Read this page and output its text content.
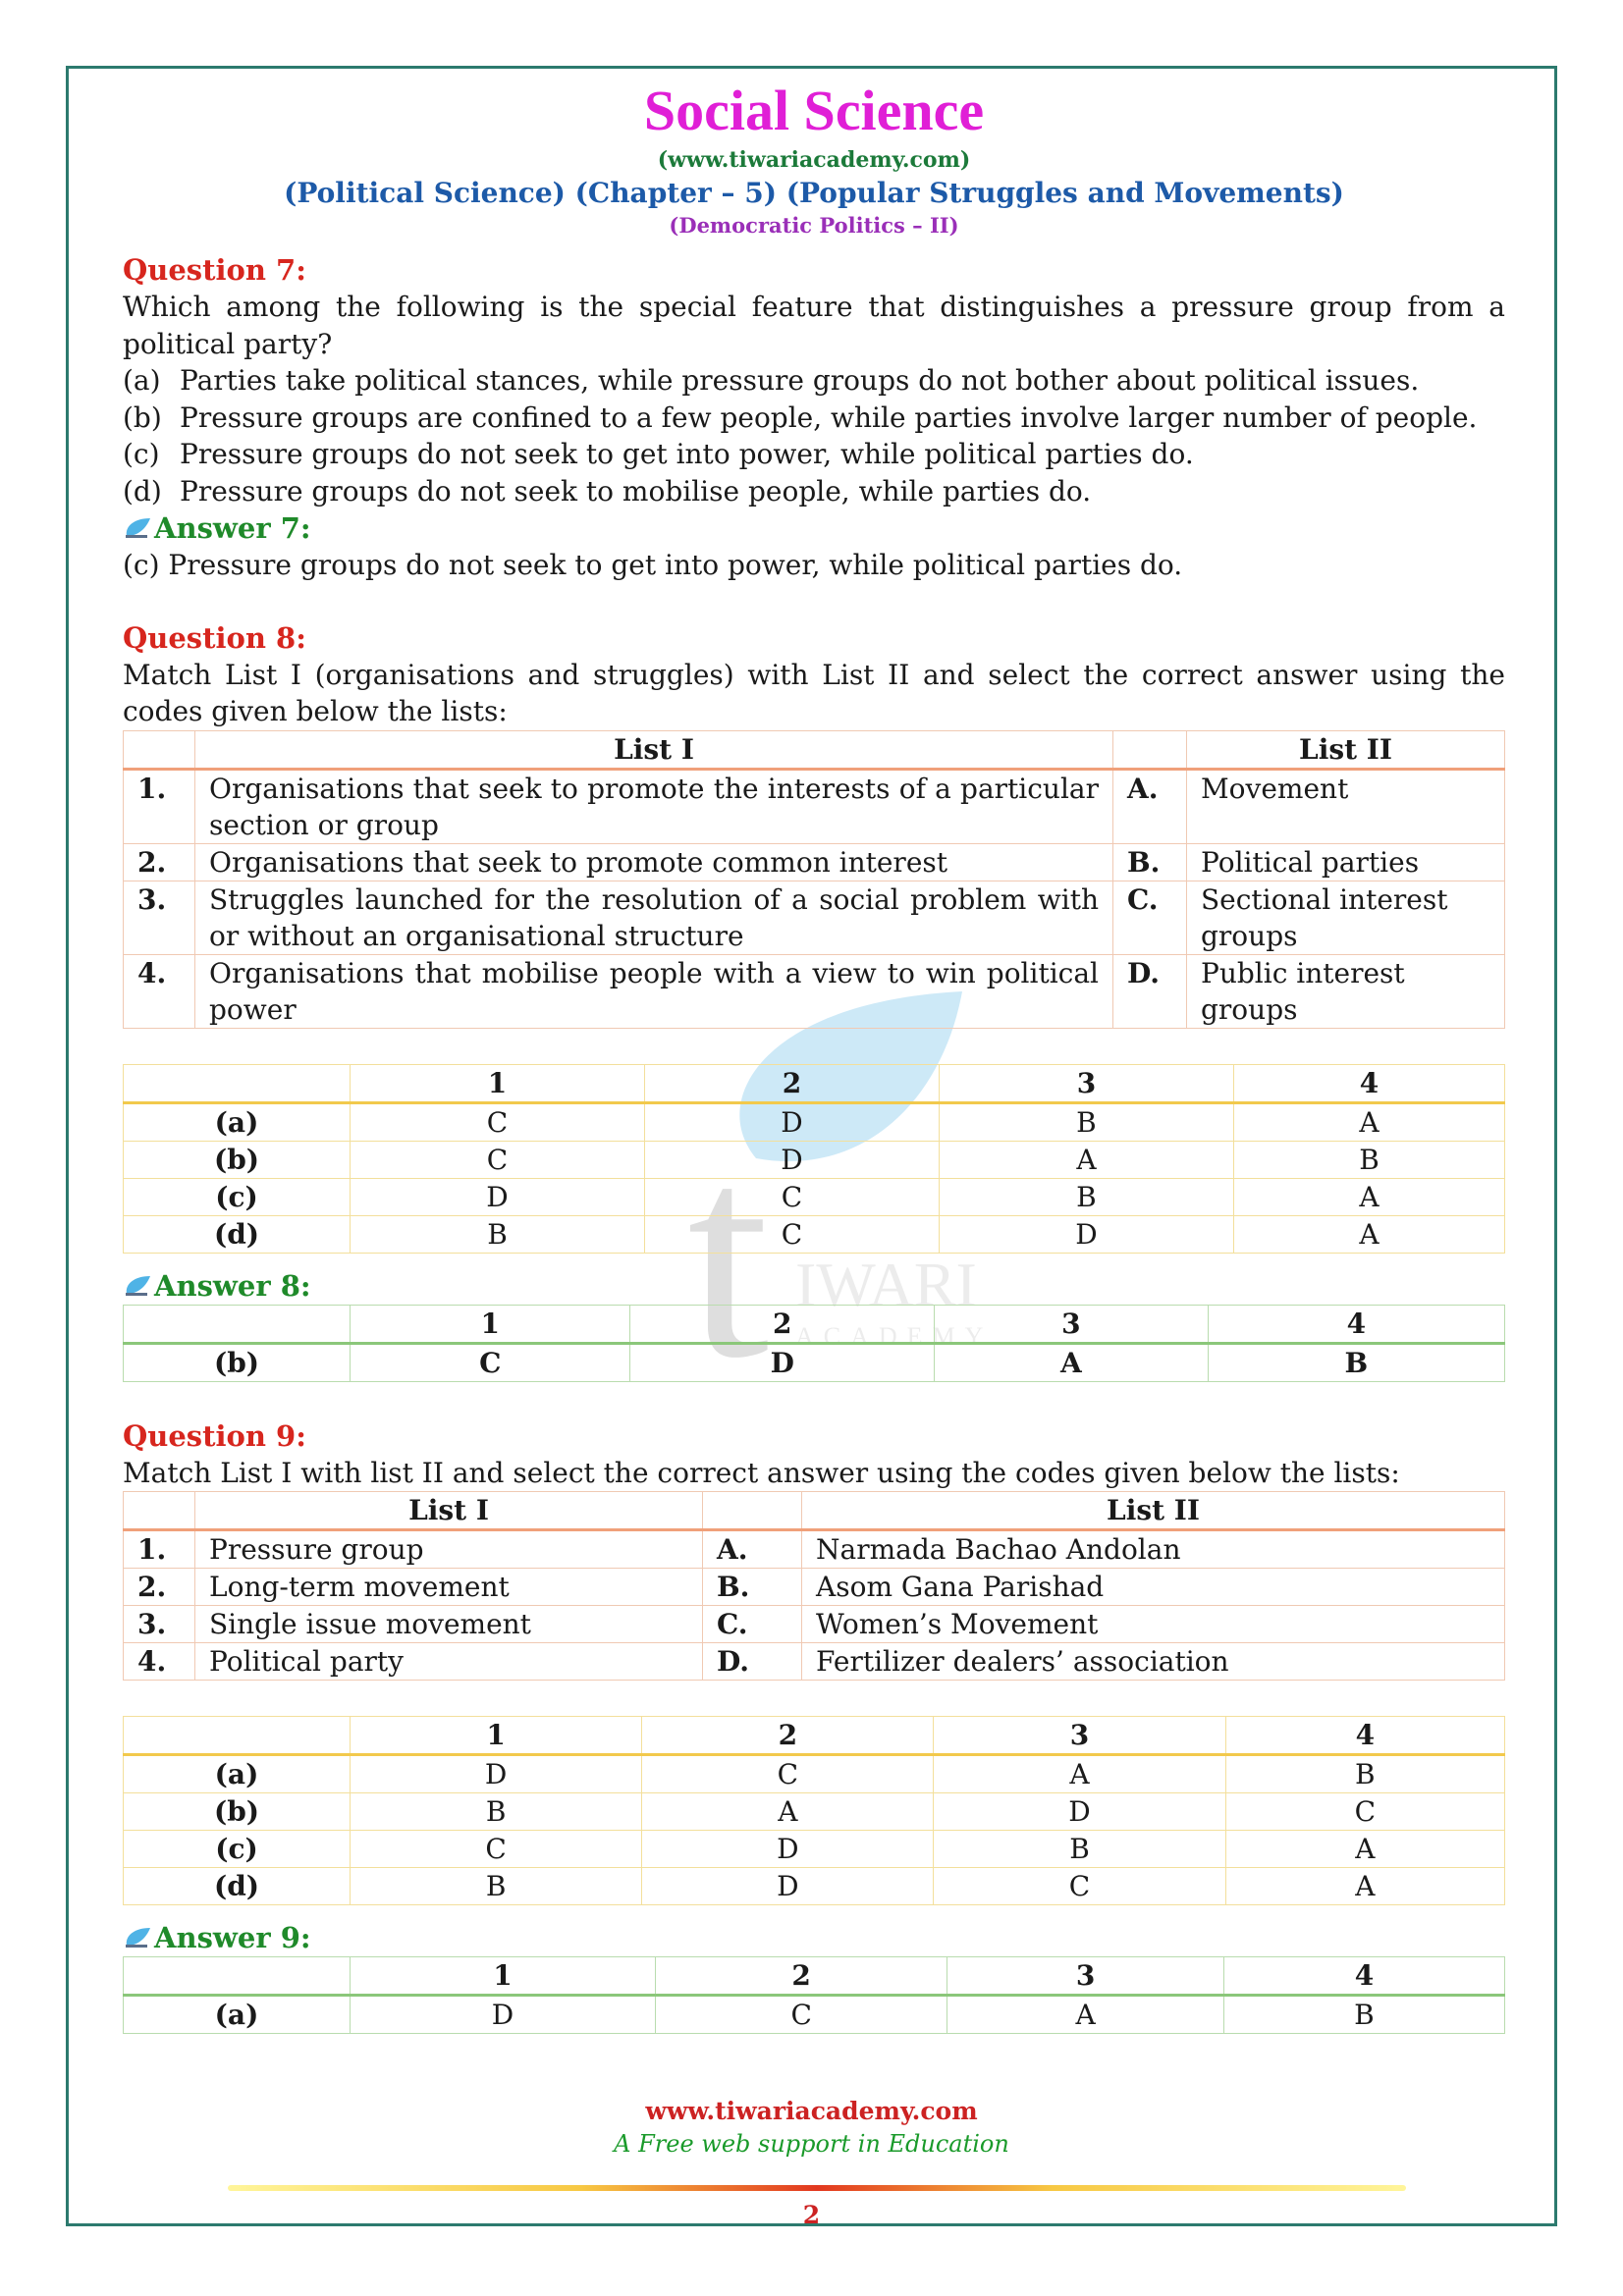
t IWARI
ACADEMY
Social Science
(www.tiwariacademy.com)
(Political Science) (Chapter – 5) (Popular Struggles and Movements)
(Democratic Politics – II)
Question 7:
Which among the following is the special feature that distinguishes a pressure group from a political party?
(a) Parties take political stances, while pressure groups do not bother about political issues.
(b) Pressure groups are confined to a few people, while parties involve larger number of people.
(c) Pressure groups do not seek to get into power, while political parties do.
(d) Pressure groups do not seek to mobilise people, while parties do.
Answer 7:
(c) Pressure groups do not seek to get into power, while political parties do.
Question 8:
Match List I (organisations and struggles) with List II and select the correct answer using the codes given below the lists:
	List I		List II
1.	Organisations that seek to promote the interests of a particular section or group	A.	Movement
2.	Organisations that seek to promote common interest	B.	Political parties
3.	Struggles launched for the resolution of a social problem with or without an organisational structure	C.	Sectional interest groups
4.	Organisations that mobilise people with a view to win political power	D.	Public interest groups
	1	2	3	4
(a)	C	D	B	A
(b)	C	D	A	B
(c)	D	C	B	A
(d)	B	C	D	A
Answer 8:
	1	2	3	4
(b)	C	D	A	B
Question 9:
Match List I with list II and select the correct answer using the codes given below the lists:
	List I		List II
1.	Pressure group	A.	Narmada Bachao Andolan
2.	Long-term movement	B.	Asom Gana Parishad
3.	Single issue movement	C.	Women’s Movement
4.	Political party	D.	Fertilizer dealers’ association
	1	2	3	4
(a)	D	C	A	B
(b)	B	A	D	C
(c)	C	D	B	A
(d)	B	D	C	A
Answer 9:
	1	2	3	4
(a)	D	C	A	B
www.tiwariacademy.com
A Free web support in Education
2
